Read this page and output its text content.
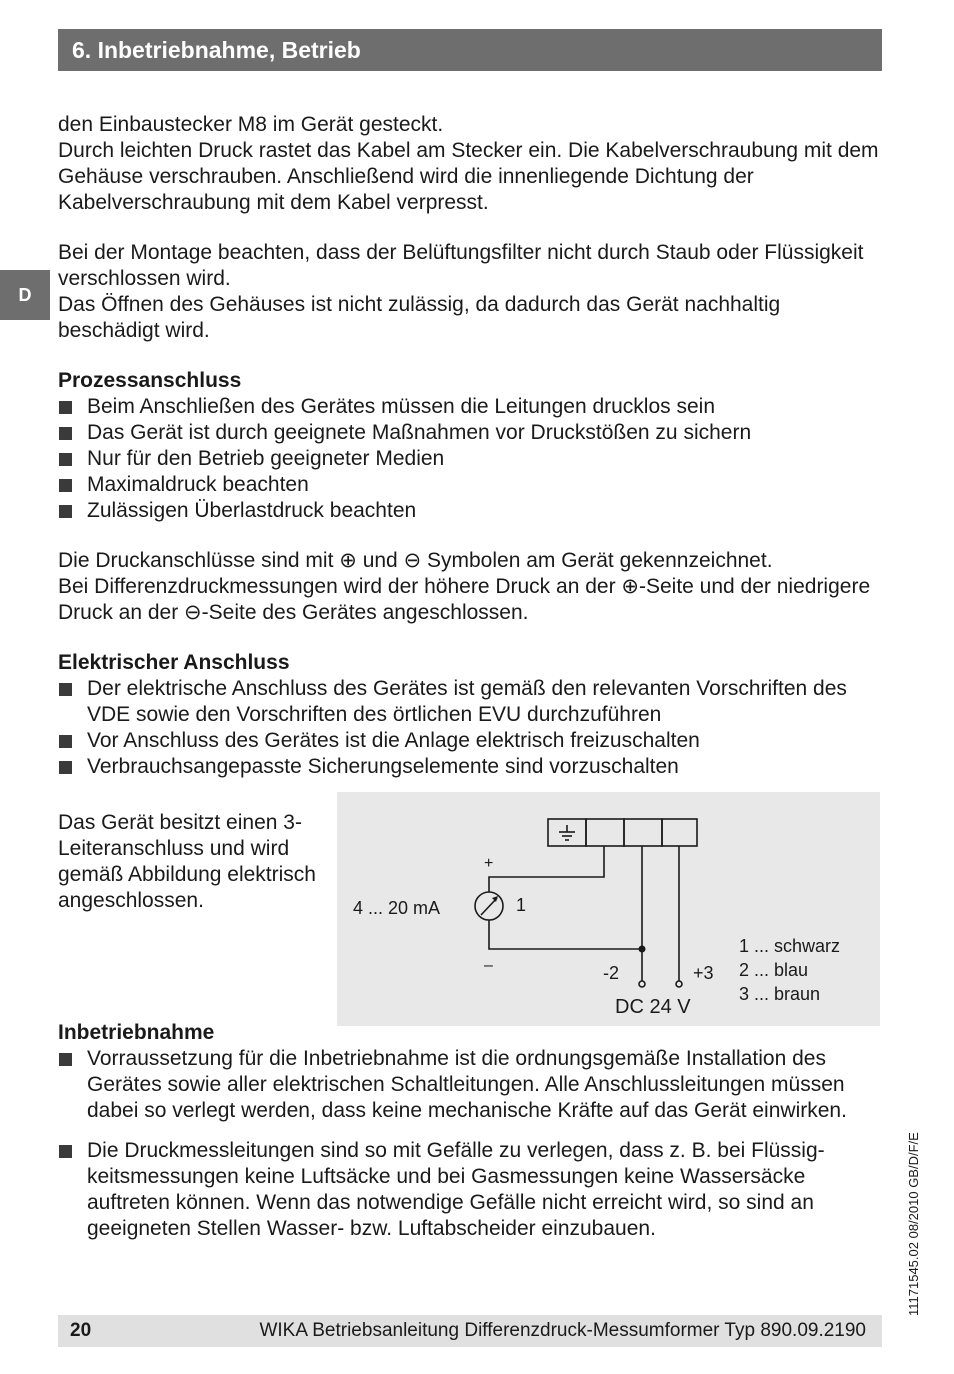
6. Inbetriebnahme, Betrieb
D

den Einbaustecker M8 im Gerät gesteckt.
Durch leichten Druck rastet das Kabel am Stecker ein. Die Kabelverschraubung mit dem Gehäuse verschrauben. Anschließend wird die innenliegende Dichtung der Kabelverschraubung mit dem Kabel verpresst.

Bei der Montage beachten, dass der Belüftungsfilter nicht durch Staub oder Flüssigkeit verschlossen wird.
Das Öffnen des Gehäuses ist nicht zulässig, da dadurch das Gerät nachhaltig beschädigt wird.

Prozessanschluss
Beim Anschließen des Gerätes müssen die Leitungen drucklos sein
Das Gerät ist durch geeignete Maßnahmen vor Druckstößen zu sichern
Nur für den Betrieb geeigneter Medien
Maximaldruck beachten
Zulässigen Überlastdruck beachten

Die Druckanschlüsse sind mit ⊕ und ⊖ Symbolen am Gerät gekennzeichnet.
Bei Differenzdruckmessungen wird der höhere Druck an der ⊕-Seite und der niedrigere Druck an der ⊖-Seite des Gerätes angeschlossen.

Elektrischer Anschluss
Der elektrische Anschluss des Gerätes ist gemäß den relevanten Vorschriften des VDE sowie den Vorschriften des örtlichen EVU durchzuführen
Vor Anschluss des Gerätes ist die Anlage elektrisch freizuschalten
Verbrauchsangepasste Sicherungselemente sind vorzuschalten

Das Gerät besitzt einen 3-Leiteranschluss und wird gemäß Abbildung elektrisch angeschlossen.

+
–
4 ... 20 mA	1
-2	+3
DC 24 V
1 ... schwarz
2 ... blau
3 ... braun
Inbetriebnahme
Vorraussetzung für die Inbetriebnahme ist die ordnungsgemäße Installation des Gerätes sowie aller elektrischen Schaltleitungen. Alle Anschlussleitungen müssen dabei so verlegt werden, dass keine mechanische Kräfte auf das Gerät einwirken.
Die Druckmessleitungen sind so mit Gefälle zu verlegen, dass z. B. bei Flüssig-keitsmessungen keine Luftsäcke und bei Gasmessungen keine Wassersäcke auftreten können. Wenn das notwendige Gefälle nicht erreicht wird, so sind an geeigneten Stellen Wasser- bzw. Luftabscheider einzubauen.	11171545.02 08/2010 GB/D/F/E
20	WIKA Betriebsanleitung Differenzdruck-Messumformer Typ 890.09.2190
